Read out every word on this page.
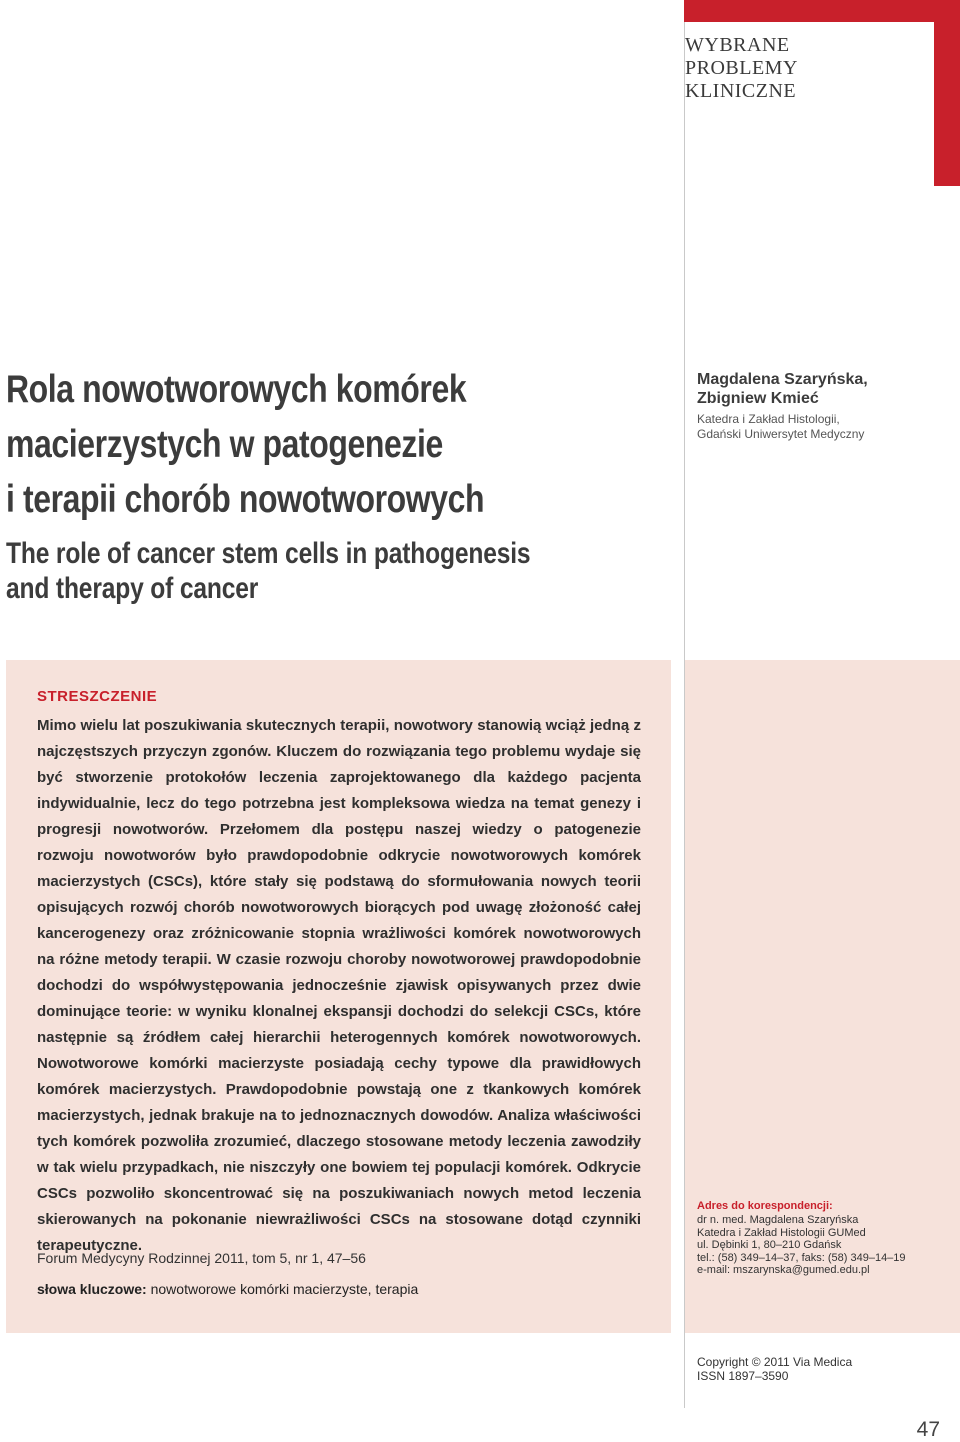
WYBRANE
PROBLEMY
KLINICZNE
Rola nowotworowych komórek
macierzystych w patogenezie
i terapii chorób nowotworowych
The role of cancer stem cells in pathogenesis
and therapy of cancer
Magdalena Szaryńska,
Zbigniew Kmieć
Katedra i Zakład Histologii,
Gdański Uniwersytet Medyczny
STRESZCZENIE

Mimo wielu lat poszukiwania skutecznych terapii, nowotwory stanowią wciąż jedną z najczęstszych przyczyn zgonów. Kluczem do rozwiązania tego problemu wydaje się być stworzenie protokołów leczenia zaprojektowanego dla każdego pacjenta indywidualnie, lecz do tego potrzebna jest kompleksowa wiedza na temat genezy i progresji nowotworów. Przełomem dla postępu naszej wiedzy o patogenezie rozwoju nowotworów było prawdopodobnie odkrycie nowotworowych komórek macierzystych (CSCs), które stały się podstawą do sformułowania nowych teorii opisujących rozwój chorób nowotworowych biorących pod uwagę złożoność całej kancerogenezy oraz zróżnicowanie stopnia wrażliwości komórek nowotworowych na różne metody terapii. W czasie rozwoju choroby nowotworowej prawdopodobnie dochodzi do współwystępowania jednocześnie zjawisk opisywanych przez dwie dominujące teorie: w wyniku klonalnej ekspansji dochodzi do selekcji CSCs, które następnie są źródłem całej hierarchii heterogennych komórek nowotworowych. Nowotworowe komórki macierzyste posiadają cechy typowe dla prawidłowych komórek macierzystych. Prawdopodobnie powstają one z tkankowych komórek macierzystych, jednak brakuje na to jednoznacznych dowodów. Analiza właściwości tych komórek pozwoliła zrozumieć, dlaczego stosowane metody leczenia zawodziły w tak wielu przypadkach, nie niszczyły one bowiem tej populacji komórek. Odkrycie CSCs pozwoliło skoncentrować się na poszukiwaniach nowych metod leczenia skierowanych na pokonanie niewrażliwości CSCs na stosowane dotąd czynniki terapeutyczne.

Forum Medycyny Rodzinnej 2011, tom 5, nr 1, 47–56
słowa kluczowe: nowotworowe komórki macierzyste, terapia
Adres do korespondencji:
dr n. med. Magdalena Szaryńska
Katedra i Zakład Histologii GUMed
ul. Dębinki 1, 80–210 Gdańsk
tel.: (58) 349–14–37, faks: (58) 349–14–19
e-mail: mszarynska@gumed.edu.pl
Copyright © 2011 Via Medica
ISSN 1897–3590
47
